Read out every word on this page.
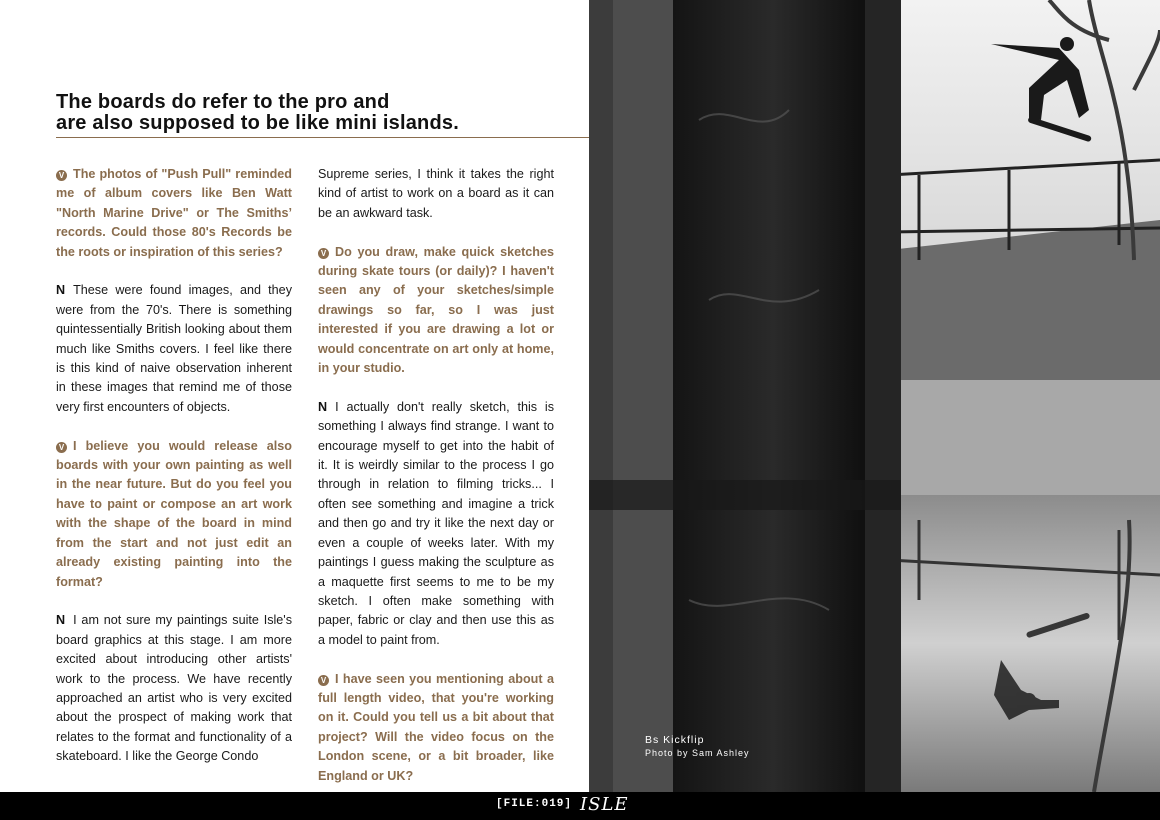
The boards do refer to the pro and
are also supposed to be like mini islands.

V The photos of "Push Pull" reminded me of album covers like Ben Watt "North Marine Drive" or The Smiths’ records. Could those 80's Records be the roots or inspiration of this series?

N These were found images, and they were from the 70's. There is something quintessentially British looking about them much like Smiths covers. I feel like there is this kind of naive observation inherent in these images that remind me of those very first encounters of objects.

V I believe you would release also boards with your own painting as well in the near future. But do you feel you have to paint or compose an art work with the shape of the board in mind from the start and not just edit an already existing painting into the format?

N I am not sure my paintings suite Isle's board graphics at this stage. I am more excited about introducing other artists' work to the process. We have recently approached an artist who is very excited about the prospect of making work that relates to the format and functionality of a skateboard. I like the George Condo

Supreme series, I think it takes the right kind of artist to work on a board as it can be an awkward task.

V Do you draw, make quick sketches during skate tours (or daily)? I haven't seen any of your sketches/simple drawings so far, so I was just interested if you are drawing a lot or would concentrate on art only at home, in your studio.

N I actually don't really sketch, this is something I always find strange. I want to encourage myself to get into the habit of it. It is weirdly similar to the process I go through in relation to filming tricks... I often see something and imagine a trick and then go and try it like the next day or even a couple of weeks later. With my paintings I guess making the sculpture as a maquette first seems to me to be my sketch. I often make something with paper, fabric or clay and then use this as a model to paint from.

V I have seen you mentioning about a full length video, that you're working on it. Could you tell us a bit about that project? Will the video focus on the London scene, or a bit broader, like England or UK?

Bs Kickflip
Photo by Sam Ashley
[FILE:019] ISLE
